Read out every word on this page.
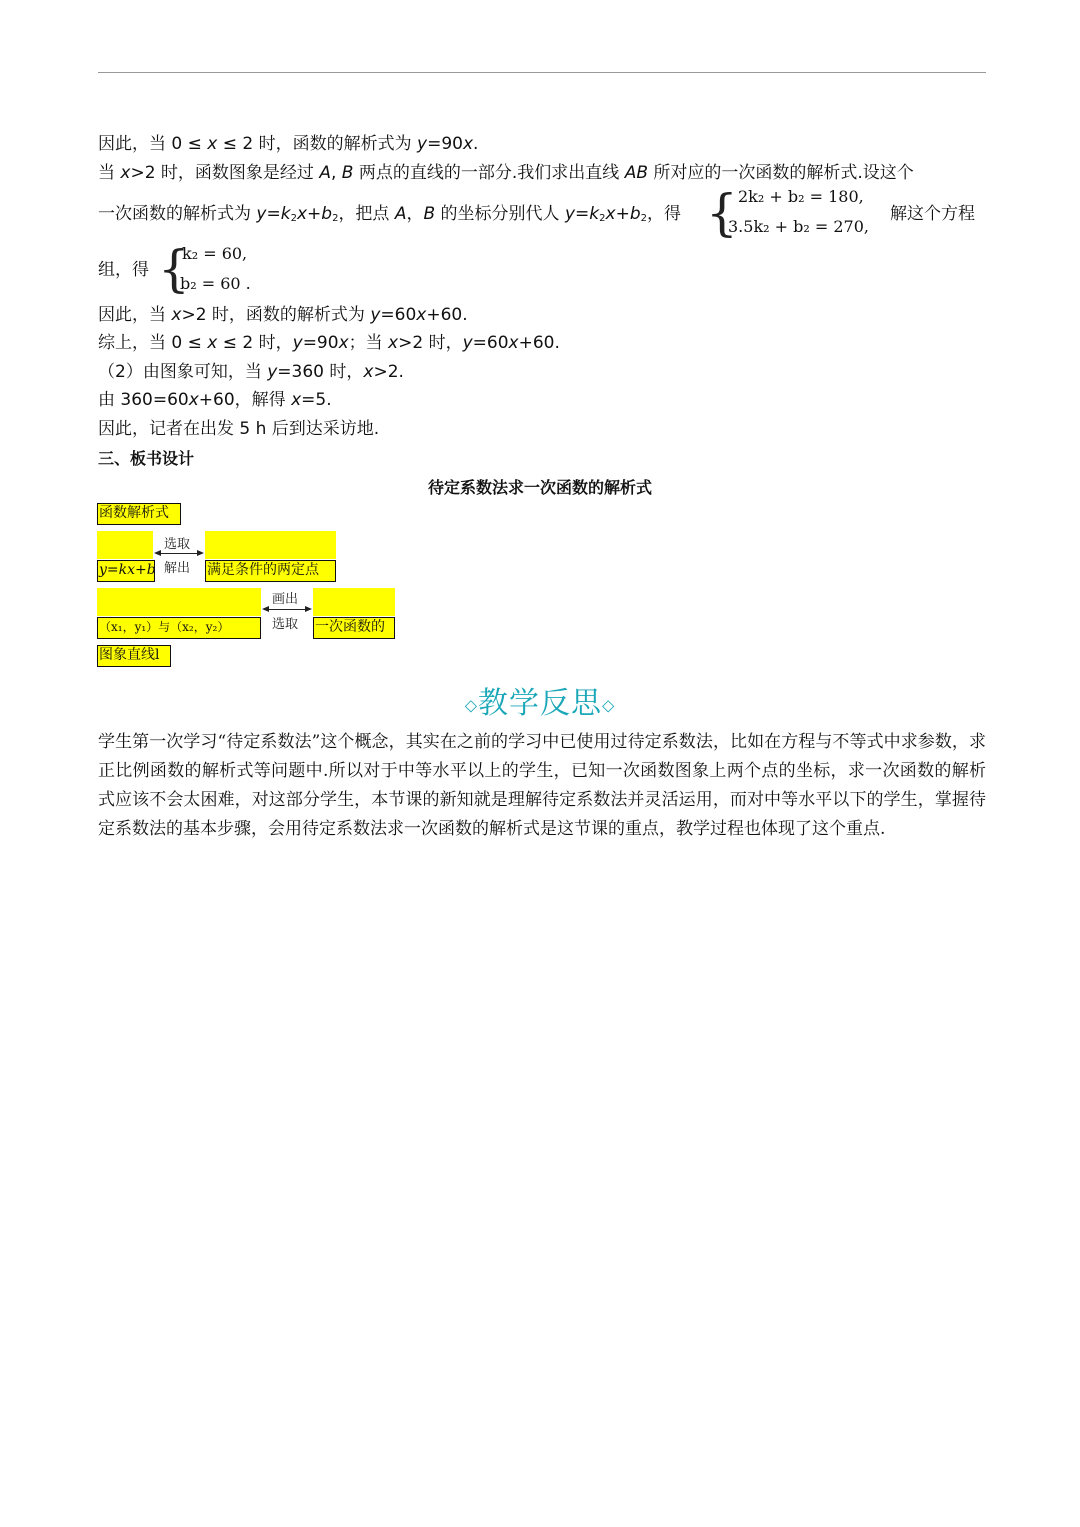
因此，当 0 ≤ x ≤ 2 时，函数的解析式为 y=90x.
当 x>2 时，函数图象是经过 A, B 两点的直线的一部分.我们求出直线 AB 所对应的一次函数的解析式.设这个
一次函数的解析式为 $y=k_2x+b_2$，把点 A，B 的坐标分别代人 $y=k_2x+b_2$，得 { 2k₂ + b₂ = 180,
3.5k₂ + b₂ = 270,
解这个方程
组，得 {
k₂ = 60,
b₂ = 60 .
因此，当 x>2 时，函数的解析式为 y=60x+60.
综上，当 0 ≤ x ≤ 2 时，y=90x；当 x>2 时，y=60x+60.
（2）由图象可知，当 y=360 时，x>2.
由 360=60x+60，解得 x=5.
因此，记者在出发 5 h 后到达采访地.
三、板书设计
待定系数法求一次函数的解析式
函数解析式
y=kx+b
选取
解出 满足条件的两定点
（x₁，y₁）与（x₂，y₂）
画出
选取 一次函数的
图象直线l
◇教学反思◇
学生第一次学习“待定系数法”这个概念，其实在之前的学习中已使用过待定系数法，比如在方程与不等式中求参数，求正比例函数的解析式等问题中.所以对于中等水平以上的学生，已知一次函数图象上两个点的坐标，求一次函数的解析式应该不会太困难，对这部分学生，本节课的新知就是理解待定系数法并灵活运用，而对中等水平以下的学生，掌握待定系数法的基本步骤，会用待定系数法求一次函数的解析式是这节课的重点，教学过程也体现了这个重点.
